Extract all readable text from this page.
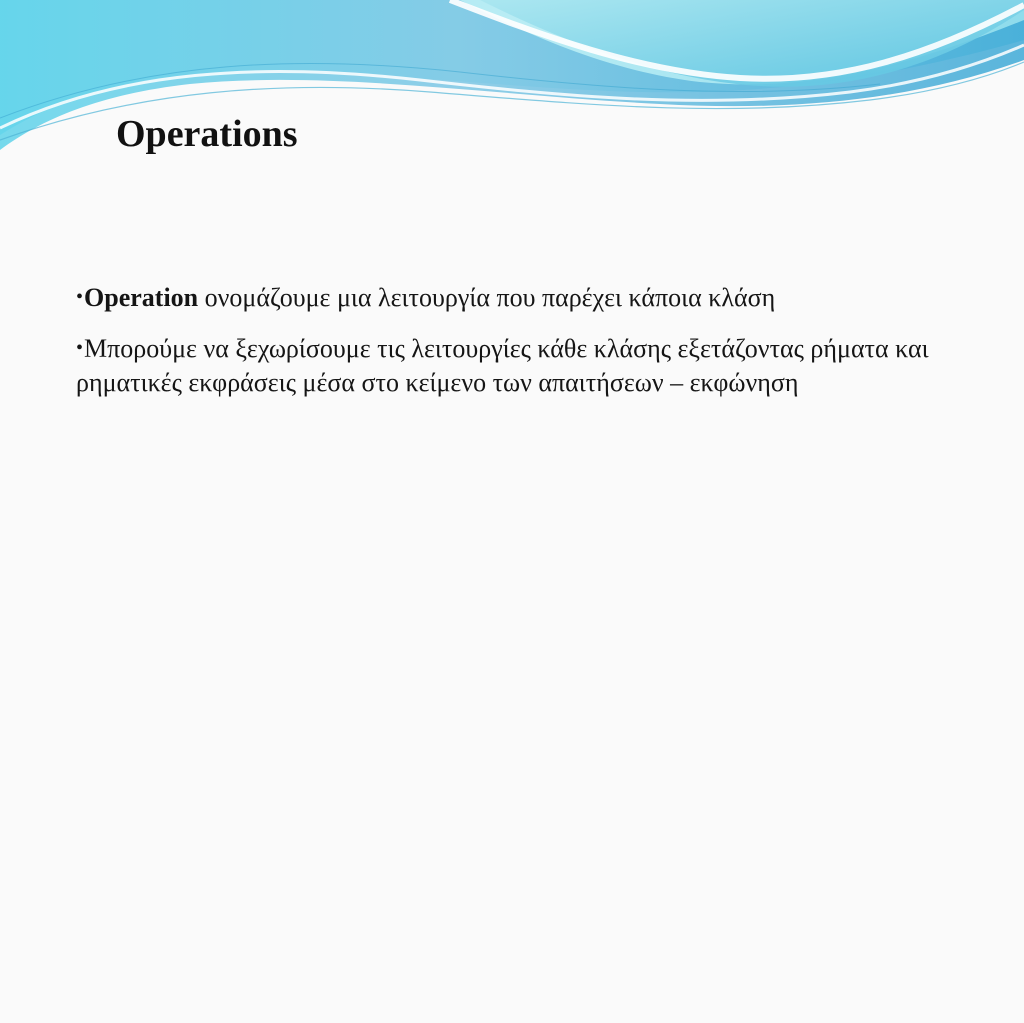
Operations
•Operation ονομάζουμε μια λειτουργία που παρέχει κάποια κλάση
•Μπορούμε να ξεχωρίσουμε τις λειτουργίες κάθε κλάσης εξετάζοντας ρήματα και ρηματικές εκφράσεις μέσα στο κείμενο των απαιτήσεων – εκφώνηση
